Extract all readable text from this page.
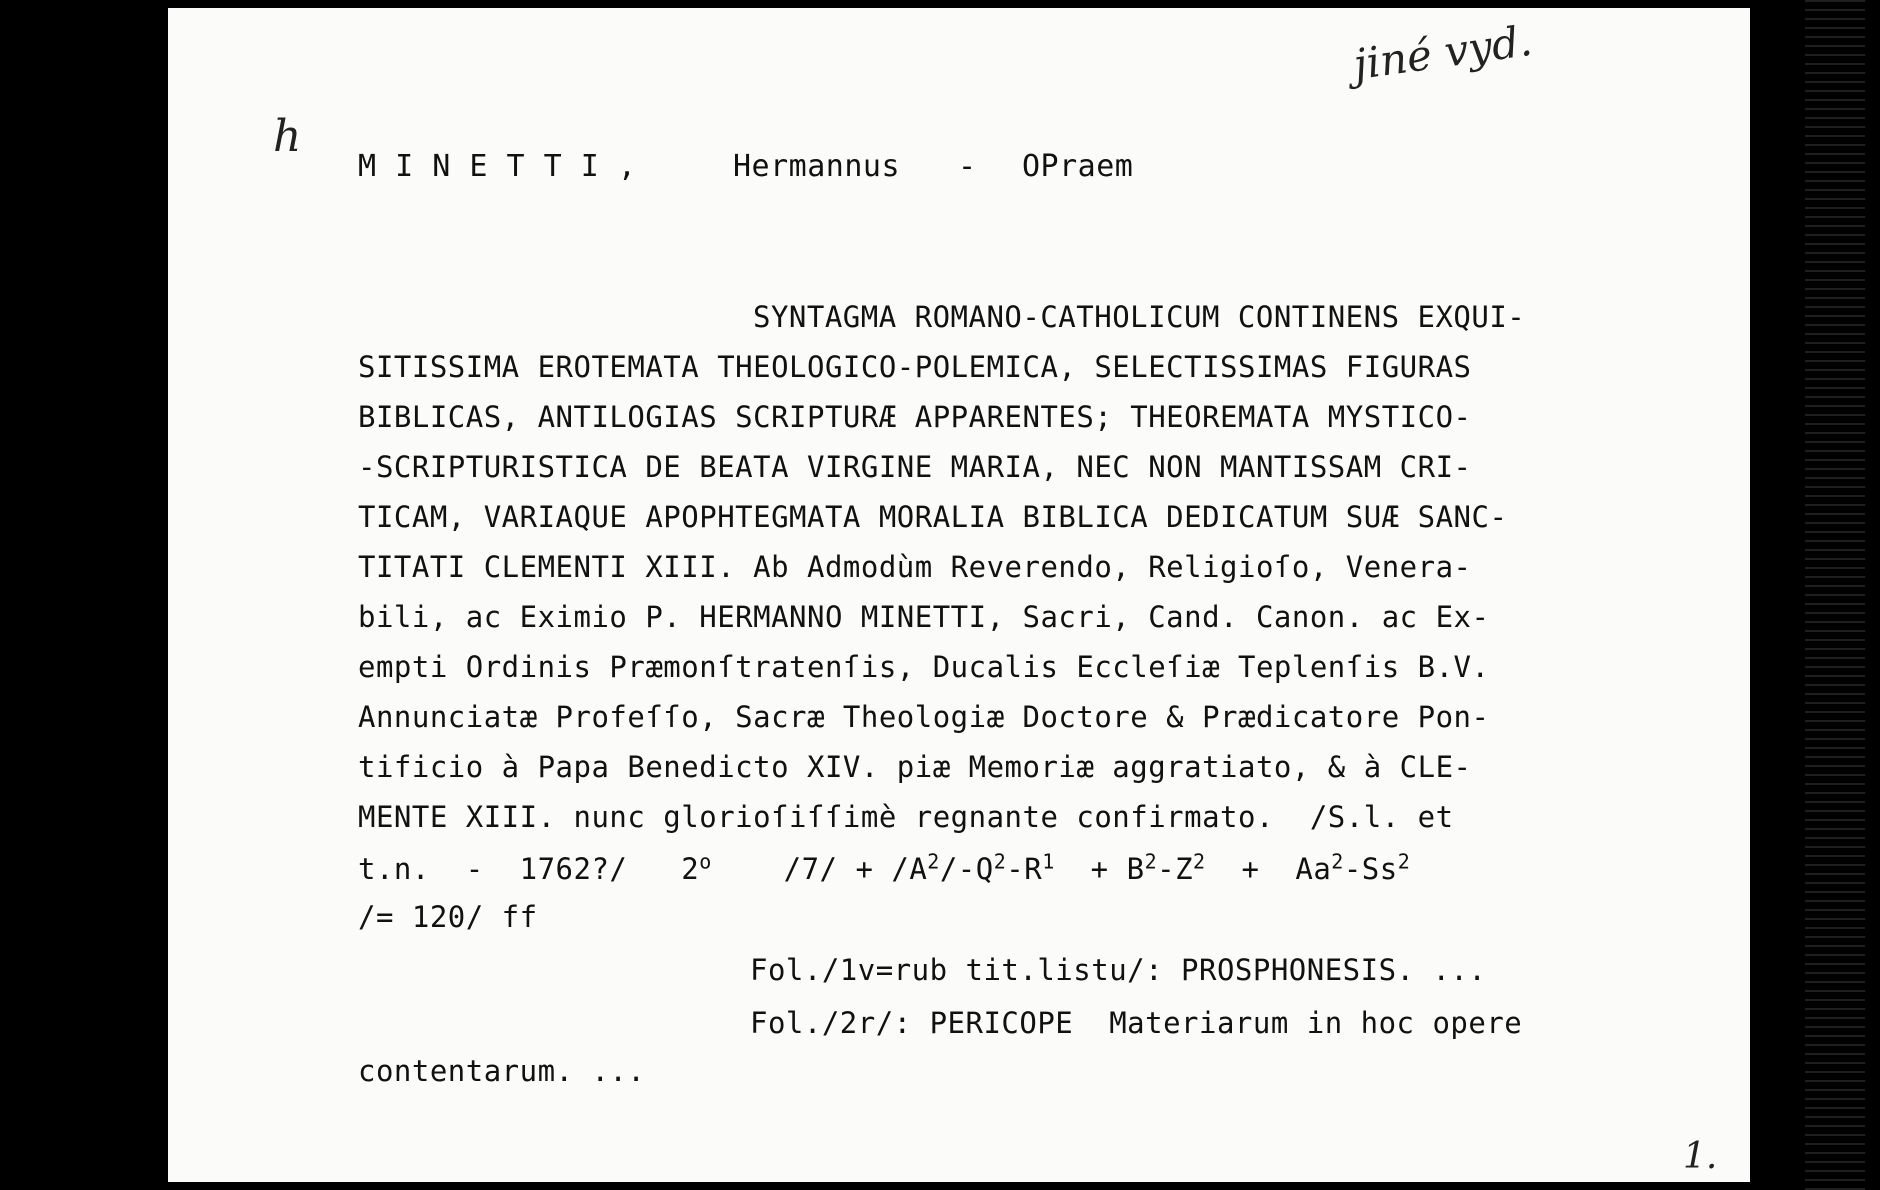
jiné vyd.
h
M I N E T T I ,	Hermannus - OPraem
SYNTAGMA ROMANO-CATHOLICUM CONTINENS EXQUI-
SITISSIMA EROTEMATA THEOLOGICO-POLEMICA, SELECTISSIMAS FIGURAS
BIBLICAS, ANTILOGIAS SCRIPTURÆ APPARENTES; THEOREMATA MYSTICO-
-SCRIPTURISTICA DE BEATA VIRGINE MARIA, NEC NON MANTISSAM CRI-
TICAM, VARIAQUE APOPHTEGMATA MORALIA BIBLICA DEDICATUM SUÆ SANC-
TITATI CLEMENTI XIII. Ab Admodùm Reverendo, Religioſo, Venera-
bili, ac Eximio P. HERMANNO MINETTI, Sacri, Cand. Canon. ac Ex-
empti Ordinis Præmonſtratenſis, Ducalis Eccleſiæ Teplenſis B.V.
Annunciatæ Profeſſo, Sacræ Theologiæ Doctore & Prædicatore Pon-
tificio à Papa Benedicto XIV. piæ Memoriæ aggratiato, & à CLE-
MENTE XIII. nunc glorioſiſſimè regnante confirmato.  /S.l. et
t.n.  -  1762?/   2$^o$    $/7/ + /A^2/-Q^2-R^1 + B^2-Z^2 + Aa^2-Ss^2$
/= 120/ ff
Fol./1v=rub tit.listu/: PROSPHONESIS. ...
Fol./2r/: PERICOPE  Materiarum in hoc opere
contentarum. ...
1.
